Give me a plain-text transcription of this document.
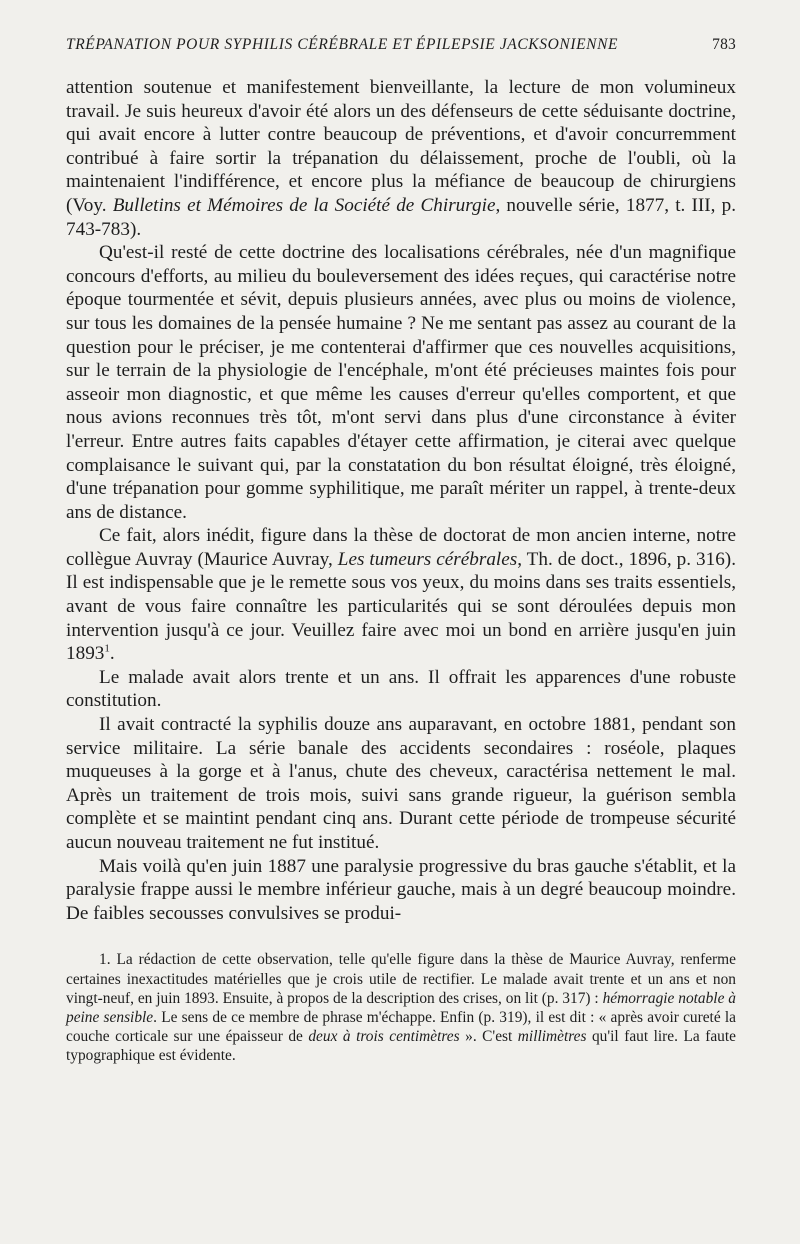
TRÉPANATION POUR SYPHILIS CÉRÉBRALE ET ÉPILEPSIE JACKSONIENNE	783

attention soutenue et manifestement bienveillante, la lecture de mon volumineux travail. Je suis heureux d'avoir été alors un des défenseurs de cette séduisante doctrine, qui avait encore à lutter contre beaucoup de préventions, et d'avoir concurremment contribué à faire sortir la trépanation du délaissement, proche de l'oubli, où la maintenaient l'indifférence, et encore plus la méfiance de beaucoup de chirurgiens (Voy. Bulletins et Mémoires de la Société de Chirurgie, nouvelle série, 1877, t. III, p. 743-783).

Qu'est-il resté de cette doctrine des localisations cérébrales, née d'un magnifique concours d'efforts, au milieu du bouleversement des idées reçues, qui caractérise notre époque tourmentée et sévit, depuis plusieurs années, avec plus ou moins de violence, sur tous les domaines de la pensée humaine ? Ne me sentant pas assez au courant de la question pour le préciser, je me contenterai d'affirmer que ces nouvelles acquisitions, sur le terrain de la physiologie de l'encéphale, m'ont été précieuses maintes fois pour asseoir mon diagnostic, et que même les causes d'erreur qu'elles comportent, et que nous avions reconnues très tôt, m'ont servi dans plus d'une circonstance à éviter l'erreur. Entre autres faits capables d'étayer cette affirmation, je citerai avec quelque complaisance le suivant qui, par la constatation du bon résultat éloigné, très éloigné, d'une trépanation pour gomme syphilitique, me paraît mériter un rappel, à trente-deux ans de distance.

Ce fait, alors inédit, figure dans la thèse de doctorat de mon ancien interne, notre collègue Auvray (Maurice Auvray, Les tumeurs cérébrales, Th. de doct., 1896, p. 316). Il est indispensable que je le remette sous vos yeux, du moins dans ses traits essentiels, avant de vous faire connaître les particularités qui se sont déroulées depuis mon intervention jusqu'à ce jour. Veuillez faire avec moi un bond en arrière jusqu'en juin 1893$^1$.

Le malade avait alors trente et un ans. Il offrait les apparences d'une robuste constitution.

Il avait contracté la syphilis douze ans auparavant, en octobre 1881, pendant son service militaire. La série banale des accidents secondaires : roséole, plaques muqueuses à la gorge et à l'anus, chute des cheveux, caractérisa nettement le mal. Après un traitement de trois mois, suivi sans grande rigueur, la guérison sembla complète et se maintint pendant cinq ans. Durant cette période de trompeuse sécurité aucun nouveau traitement ne fut institué.

Mais voilà qu'en juin 1887 une paralysie progressive du bras gauche s'établit, et la paralysie frappe aussi le membre inférieur gauche, mais à un degré beaucoup moindre. De faibles secousses convulsives se produi-

1. La rédaction de cette observation, telle qu'elle figure dans la thèse de Maurice Auvray, renferme certaines inexactitudes matérielles que je crois utile de rectifier. Le malade avait trente et un ans et non vingt-neuf, en juin 1893. Ensuite, à propos de la description des crises, on lit (p. 317) : hémorragie notable à peine sensible. Le sens de ce membre de phrase m'échappe. Enfin (p. 319), il est dit : « après avoir cureté la couche corticale sur une épaisseur de deux à trois centimètres ». C'est millimètres qu'il faut lire. La faute typographique est évidente.
